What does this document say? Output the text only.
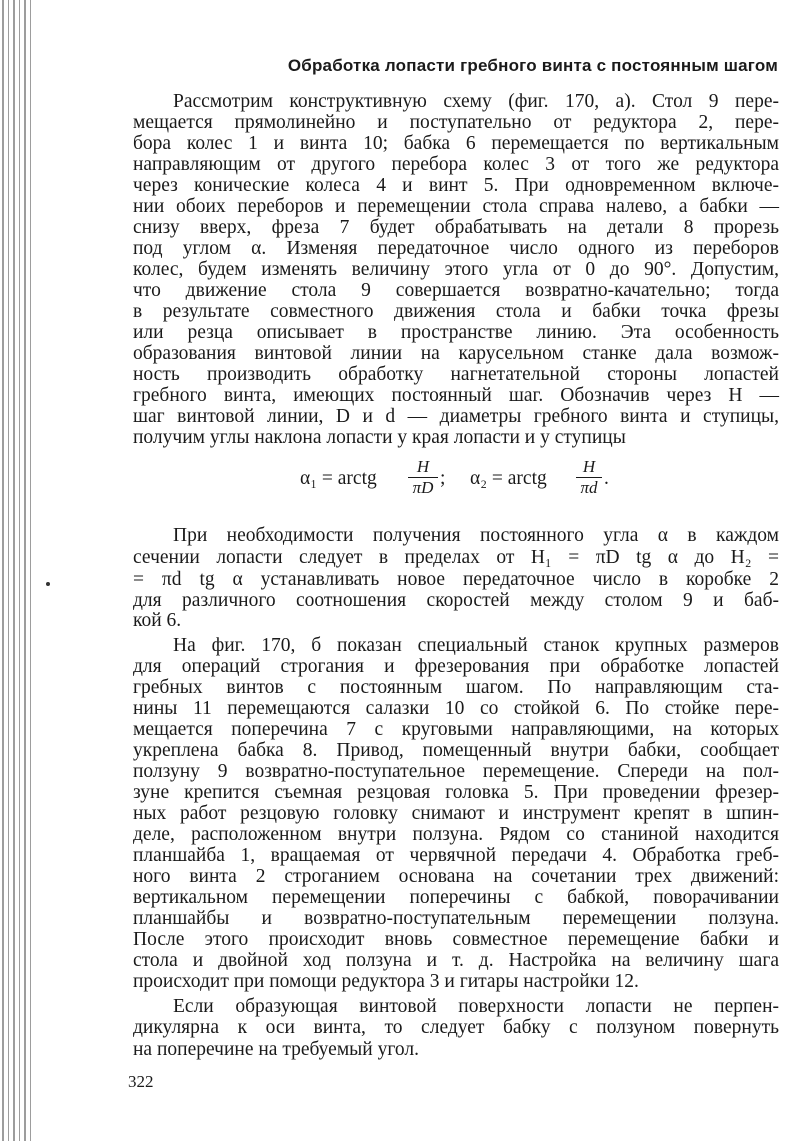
Обработка лопасти гребного винта с постоянным шагом
Рассмотрим конструктивную схему (фиг. 170, а). Стол 9 пере-
мещается прямолинейно и поступательно от редуктора 2, пере-
бора колес 1 и винта 10; бабка 6 перемещается по вертикальным
направляющим от другого перебора колес 3 от того же редуктора
через конические колеса 4 и винт 5. При одновременном включе-
нии обоих переборов и перемещении стола справа налево, а бабки —
снизу вверх, фреза 7 будет обрабатывать на детали 8 прорезь
под углом α. Изменяя передаточное число одного из переборов
колес, будем изменять величину этого угла от 0 до 90°. Допустим,
что движение стола 9 совершается возвратно-качательно; тогда
в результате совместного движения стола и бабки точка фрезы
или резца описывает в пространстве линию. Эта особенность
образования винтовой линии на карусельном станке дала возмож-
ность производить обработку нагнетательной стороны лопастей
гребного винта, имеющих постоянный шаг. Обозначив через H —
шаг винтовой линии, D и d — диаметры гребного винта и ступицы,
получим углы наклона лопасти у края лопасти и у ступицы
α₁ = arctg
H
πD ; α₂ = arctg
H
πd .
При необходимости получения постоянного угла α в каждом
сечении лопасти следует в пределах от H₁ = πD tg α до H₂ =
= πd tg α устанавливать новое передаточное число в коробке 2
для различного соотношения скоростей между столом 9 и баб-
кой 6.
На фиг. 170, б показан специальный станок крупных размеров
для операций строгания и фрезерования при обработке лопастей
гребных винтов с постоянным шагом. По направляющим ста-
нины 11 перемещаются салазки 10 со стойкой 6. По стойке пере-
мещается поперечина 7 с круговыми направляющими, на которых
укреплена бабка 8. Привод, помещенный внутри бабки, сообщает
ползуну 9 возвратно-поступательное перемещение. Спереди на пол-
зуне крепится съемная резцовая головка 5. При проведении фрезер-
ных работ резцовую головку снимают и инструмент крепят в шпин-
деле, расположенном внутри ползуна. Рядом со станиной находится
планшайба 1, вращаемая от червячной передачи 4. Обработка греб-
ного винта 2 строганием основана на сочетании трех движений:
вертикальном перемещении поперечины с бабкой, поворачивании
планшайбы и возвратно-поступательным перемещении ползуна.
После этого происходит вновь совместное перемещение бабки и
стола и двойной ход ползуна и т. д. Настройка на величину шага
происходит при помощи редуктора 3 и гитары настройки 12.
Если образующая винтовой поверхности лопасти не перпен-
дикулярна к оси винта, то следует бабку с ползуном повернуть
на поперечине на требуемый угол.
322
